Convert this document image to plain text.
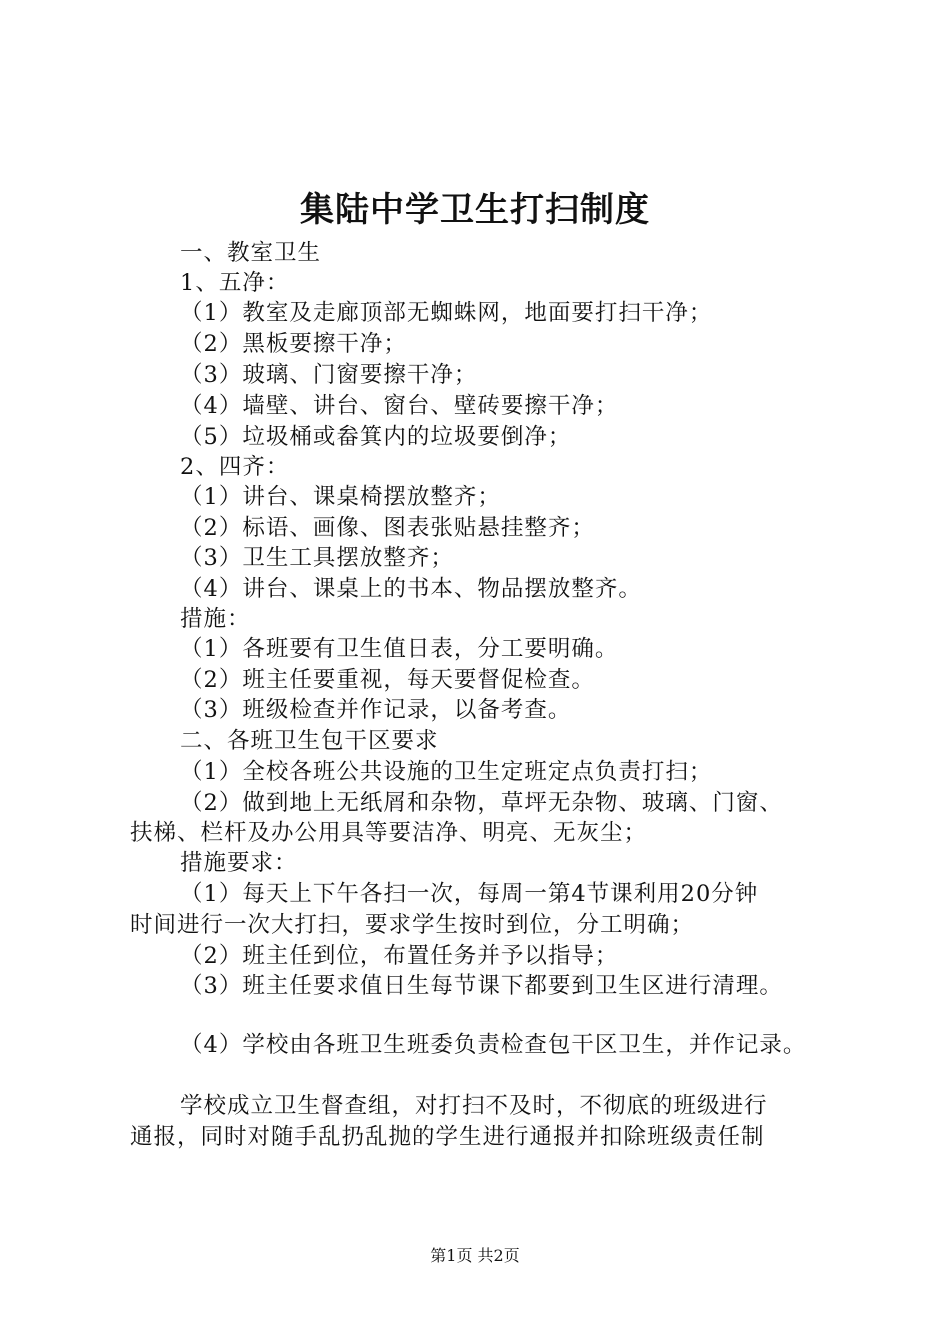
集陆中学卫生打扫制度
一、教室卫生
1、五净：
（1）教室及走廊顶部无蜘蛛网，地面要打扫干净；
（2）黑板要擦干净；
（3）玻璃、门窗要擦干净；
（4）墙壁、讲台、窗台、壁砖要擦干净；
（5）垃圾桶或畚箕内的垃圾要倒净；
2、四齐：
（1）讲台、课桌椅摆放整齐；
（2）标语、画像、图表张贴悬挂整齐；
（3）卫生工具摆放整齐；
（4）讲台、课桌上的书本、物品摆放整齐。
措施：
（1）各班要有卫生值日表，分工要明确。
（2）班主任要重视，每天要督促检查。
（3）班级检查并作记录，以备考查。
二、各班卫生包干区要求
（1）全校各班公共设施的卫生定班定点负责打扫；
（2）做到地上无纸屑和杂物，草坪无杂物、玻璃、门窗、
扶梯、栏杆及办公用具等要洁净、明亮、无灰尘；
措施要求：
（1）每天上下午各扫一次，每周一第4节课利用20分钟
时间进行一次大打扫，要求学生按时到位，分工明确；
（2）班主任到位，布置任务并予以指导；
（3）班主任要求值日生每节课下都要到卫生区进行清理。
（4）学校由各班卫生班委负责检查包干区卫生，并作记录。
学校成立卫生督查组，对打扫不及时，不彻底的班级进行
通报，同时对随手乱扔乱抛的学生进行通报并扣除班级责任制
第1页 共2页
